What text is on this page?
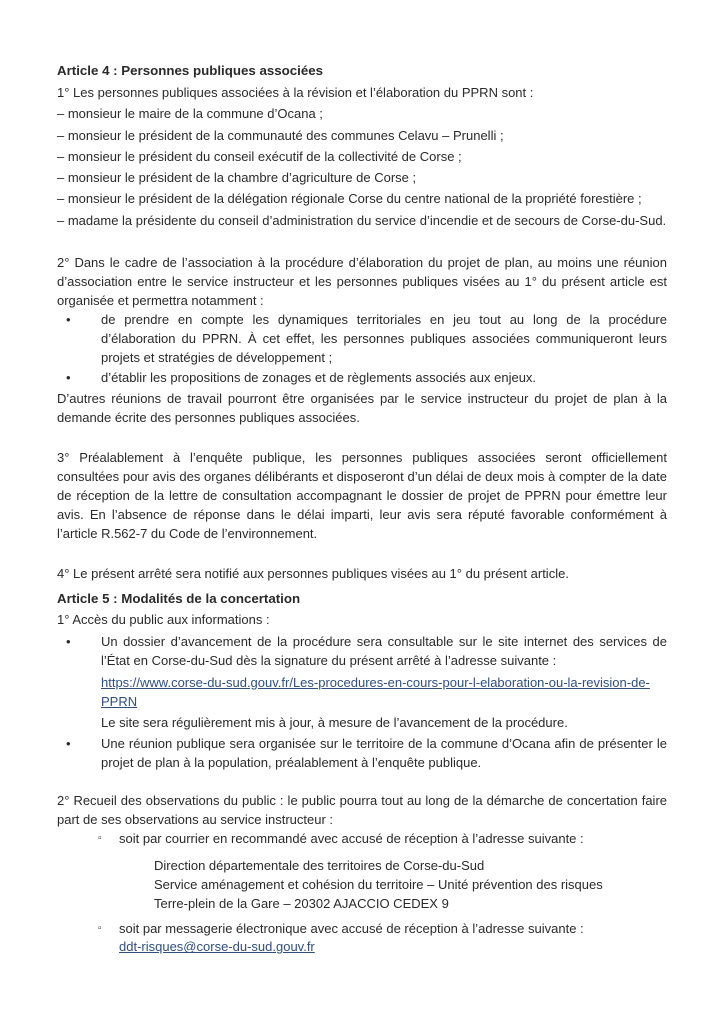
Article 4 : Personnes publiques associées

1° Les personnes publiques associées à la révision et l’élaboration du PPRN sont :

– monsieur le maire de la commune d’Ocana ;

– monsieur le président de la communauté des communes Celavu – Prunelli ;

– monsieur le président du conseil exécutif de la collectivité de Corse ;

– monsieur le président de la chambre d’agriculture de Corse ;

– monsieur le président de la délégation régionale Corse du centre national de la propriété forestière ;

– madame la présidente du conseil d’administration du service d’incendie et de secours de Corse-du-Sud.

2° Dans le cadre de l’association à la procédure d’élaboration du projet de plan, au moins une réunion d’association entre le service instructeur et les personnes publiques visées au 1° du présent article est organisée et permettra notamment :

• de prendre en compte les dynamiques territoriales en jeu tout au long de la procédure d’élaboration du PPRN. À cet effet, les personnes publiques associées communiqueront leurs projets et stratégies de développement ;
• d’établir les propositions de zonages et de règlements associés aux enjeux.

D’autres réunions de travail pourront être organisées par le service instructeur du projet de plan à la demande écrite des personnes publiques associées.

3° Préalablement à l’enquête publique, les personnes publiques associées seront officiellement consultées pour avis des organes délibérants et disposeront d’un délai de deux mois à compter de la date de réception de la lettre de consultation accompagnant le dossier de projet de PPRN pour émettre leur avis. En l’absence de réponse dans le délai imparti, leur avis sera réputé favorable conformément à l’article R.562-7 du Code de l’environnement.

4° Le présent arrêté sera notifié aux personnes publiques visées au 1° du présent article.

Article 5 : Modalités de la concertation

1° Accès du public aux informations :

• Un dossier d’avancement de la procédure sera consultable sur le site internet des services de l’État en Corse-du-Sud dès la signature du présent arrêté à l’adresse suivante :
https://www.corse-du-sud.gouv.fr/Les-procedures-en-cours-pour-l-elaboration-ou-la-revision-de-PPRN
Le site sera régulièrement mis à jour, à mesure de l’avancement de la procédure.
• Une réunion publique sera organisée sur le territoire de la commune d’Ocana afin de présenter le projet de plan à la population, préalablement à l’enquête publique.

2° Recueil des observations du public : le public pourra tout au long de la démarche de concertation faire part de ses observations au service instructeur :

▫ soit par courrier en recommandé avec accusé de réception à l’adresse suivante :
Direction départementale des territoires de Corse-du-Sud
Service aménagement et cohésion du territoire – Unité prévention des risques
Terre-plein de la Gare – 20302 AJACCIO CEDEX 9
▫ soit par messagerie électronique avec accusé de réception à l’adresse suivante :
ddt-risques@corse-du-sud.gouv.fr
